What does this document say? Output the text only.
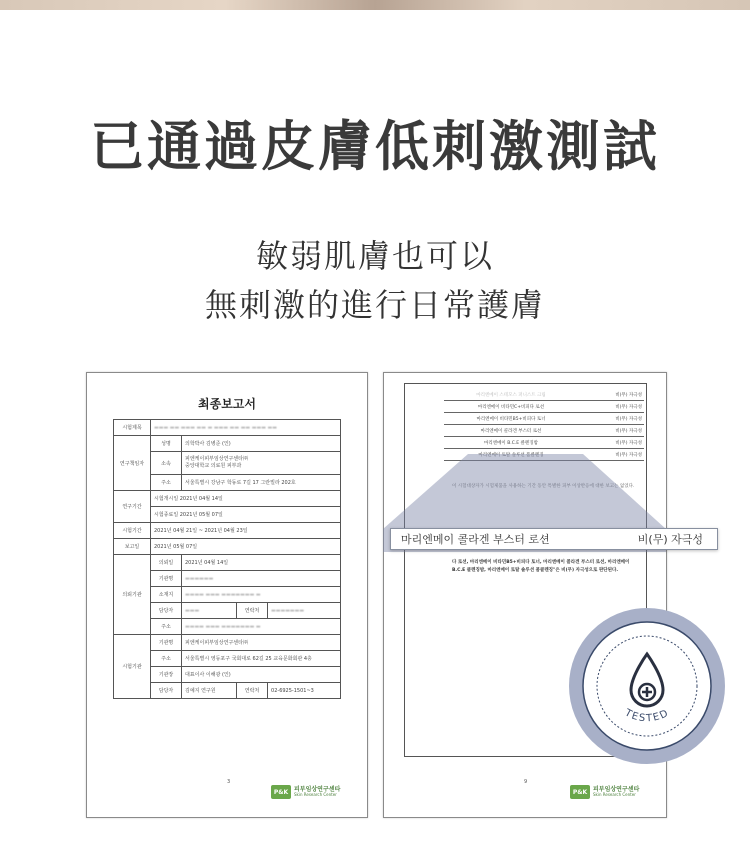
已通過皮膚低刺激測試
敏弱肌膚也可以
無刺激的進行日常護膚
최종보고서
시험제목	▬▬▬ ▬▬ ▬▬▬ ▬▬ ▬ ▬▬▬ ▬▬ ▬▬ ▬▬▬ ▬▬			
연구책임자	성명	의학박사 김병준 (인)		
	소속	피엔케이피부임상연구센타㈜
중앙대학교 의료원 피부과		
	주소	서울특별시 강남구 학동로 7길 17 그란빌라 202호		
연구기간	시험개시일 2021년 04월 14일			
	시험종료일 2021년 05월 07일			
시험기간	2021년 04월 21일 ~ 2021년 04월 23일			
보고일	2021년 05월 07일			
의뢰기관	의뢰일	2021년 04월 14일		
	기관명	▬▬▬▬▬▬		
	소재지	▬▬▬▬ ▬▬▬ ▬▬▬▬▬▬▬ ▬		
	담당자	▬▬▬	연락처	▬▬▬▬▬▬▬
	주소	▬▬▬▬ ▬▬▬ ▬▬▬▬▬▬▬ ▬		
시험기관	기관명	피엔케이피부임상연구센타㈜		
	주소	서울특별시 영등포구 국회대로 62길 25 교육문화회관 4층		
	기관장	대표이사 이해광 (인)		
	담당자	김예지 연구원	연락처	02-6925-1501~3
3
P&K 피부임상연구센타
Skin Research Center
마리엔메이 스테모스 퍼니스트 크림	비(무) 자극성
마리엔메이 비타민C+비피다 로션	비(무) 자극성
마리엔메이 비타민B5+비피다 토너	비(무) 자극성
마리엔메이 콜라겐 부스터 로션	비(무) 자극성
마리엔메이 B.C.E 클렌징밤	비(무) 자극성
마리엔메이 토탈 솔루션 폼클렌징	비(무) 자극성
이 시험대상자가 시험제품을 사용하는 기간 동안 특별한 피부 이상반응에 대한 보고는 없었다.
다 로션, 마리엔메이 비타민B5+비피다 토너, 마리엔메이 콜라겐 부스터 로션, 마리엔메이 B.C.E 클렌징밤, 마리엔메이 토탈 솔루션 폼클렌징"은 비(무) 자극성으로 판단된다.
9
P&K 피부임상연구센타
Skin Research Center
마리엔메이 콜라겐 부스터 로션	비(무) 자극성
DERMATOLOGICALLY
TESTED
